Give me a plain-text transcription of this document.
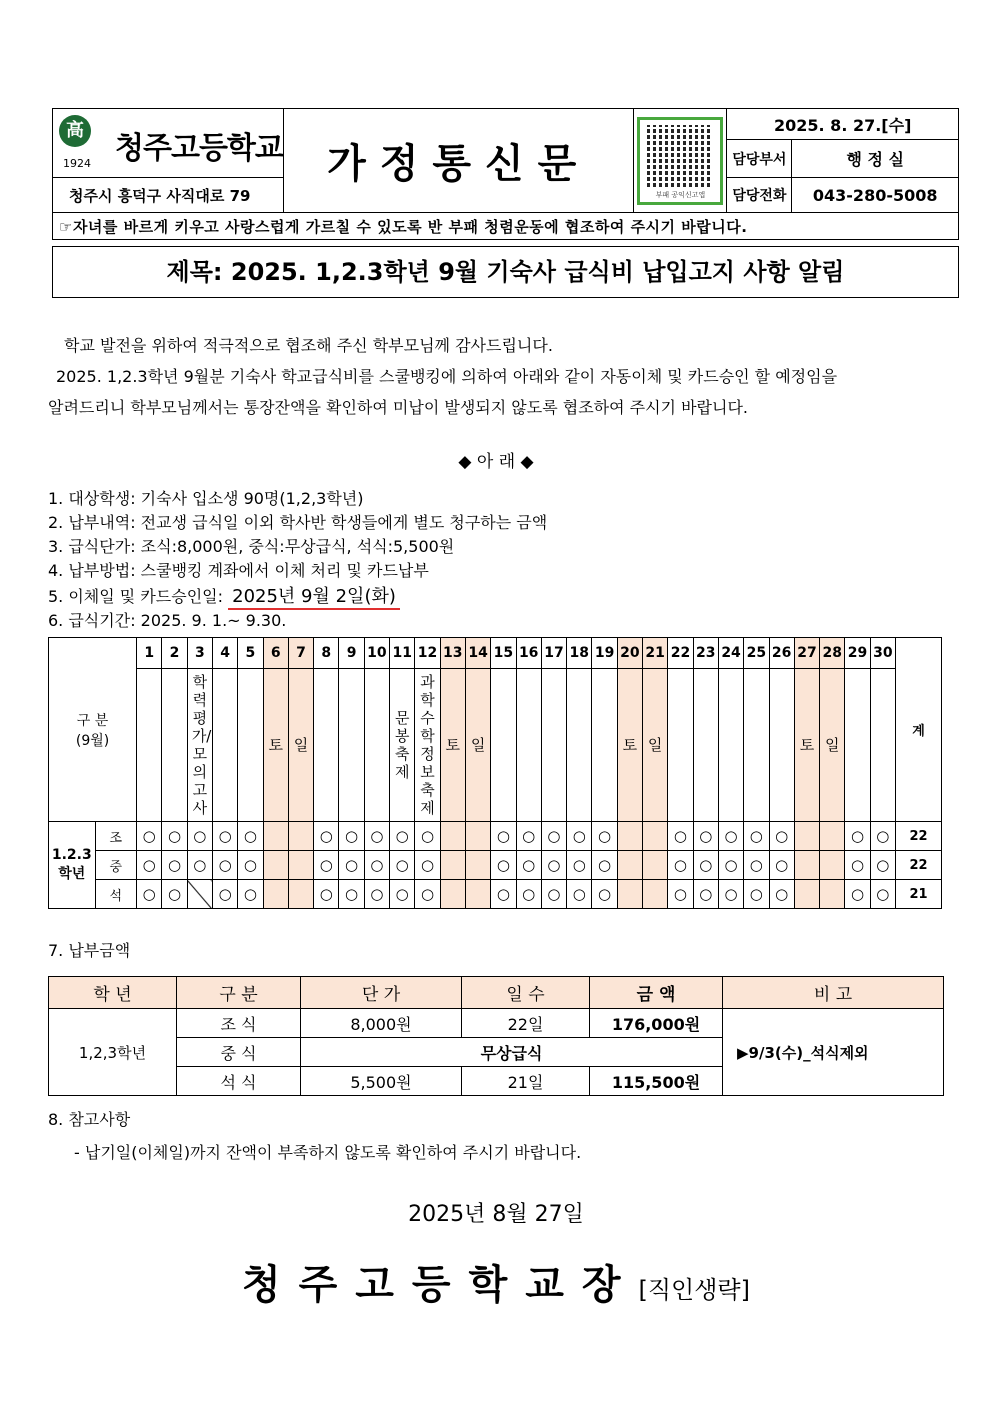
高
1924 청주고등학교	가정통신문	부패 공익신고앱	2025. 8. 27.[수]	
			담당부서	행 정 실
청주시 흥덕구 사직대로 79			담당전화	043-280-5008
☞자녀를 바르게 키우고 사랑스럽게 가르칠 수 있도록 반 부패 청렴운동에 협조하여 주시기 바랍니다.				
제목: 2025. 1,2.3학년 9월 기숙사 급식비 납입고지 사항 알림
학교 발전을 위하여 적극적으로 협조해 주신 학부모님께 감사드립니다.
2025. 1,2.3학년 9월분 기숙사 학교급식비를 스쿨뱅킹에 의하여 아래와 같이 자동이체 및 카드승인 할 예정임을
알려드리니 학부모님께서는 통장잔액을 확인하여 미납이 발생되지 않도록 협조하여 주시기 바랍니다.
◆ 아 래 ◆
1. 대상학생: 기숙사 입소생 90명(1,2,3학년)
2. 납부내역: 전교생 급식일 이외 학사반 학생들에게 별도 청구하는 금액
3. 급식단가: 조식:8,000원, 중식:무상급식, 석식:5,500원
4. 납부방법: 스쿨뱅킹 계좌에서 이체 처리 및 카드납부
5. 이체일 및 카드승인일: 2025년 9월 2일(화)
6. 급식기간: 2025. 9. 1.~ 9.30.
구 분
(9월)		1	2	3	4	5	6	7	8	9	10	11	12	13	14	15	16	17	18	19	20	21	22	23	24	25	26	27	28	29	30	계
				학력평가/모의고사			토	일				문봉축제	과학수학정보축제	토	일						토	일						토	일			

1.2.3
학년	조	○	○	○	○	○			○	○	○	○	○			○	○	○	○	○			○	○	○	○	○			○	○	22
	중	○	○	○	○	○			○	○	○	○	○			○	○	○	○	○			○	○	○	○	○			○	○	22
	석	○	○		○	○			○	○	○	○	○			○	○	○	○	○			○	○	○	○	○			○	○	21
7. 납부금액
학 년	구 분	단 가	일 수	금 액	비 고
1,2,3학년	조 식	8,000원	22일	176,000원	▶9/3(수)_석식제외
	중 식	무상급식			
	석 식	5,500원	21일	115,500원	
8. 참고사항
- 납기일(이체일)까지 잔액이 부족하지 않도록 확인하여 주시기 바랍니다.
2025년 8월 27일
청주고등학교장[직인생략]
